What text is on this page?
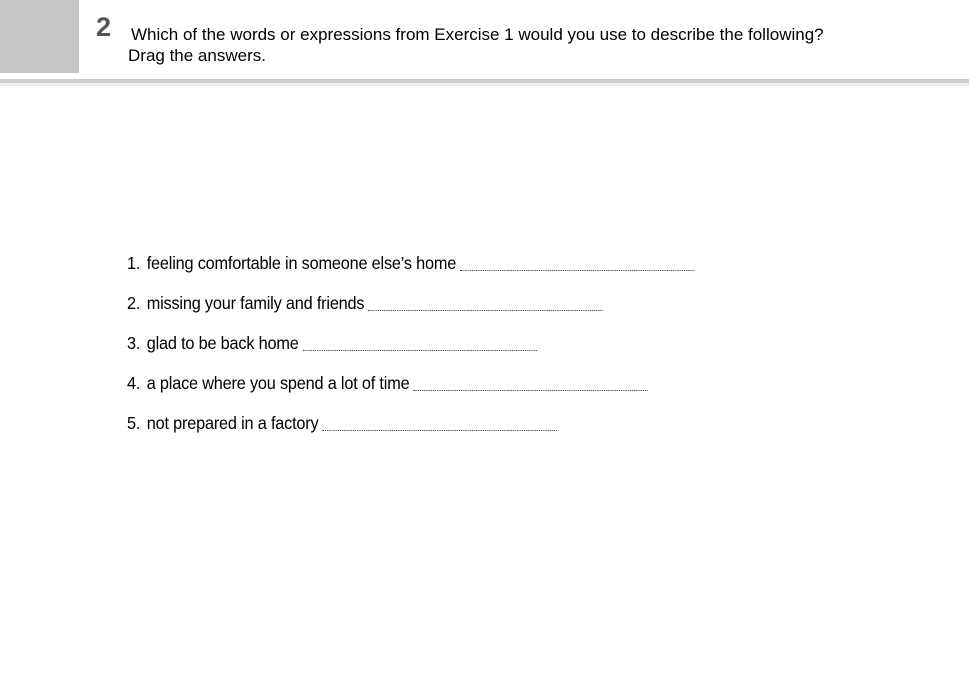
2 Which of the words or expressions from Exercise 1 would you use to describe the following?
Drag the answers.
1. feeling comfortable in someone else’s home
2. missing your family and friends
3. glad to be back home
4. a place where you spend a lot of time
5. not prepared in a factory
